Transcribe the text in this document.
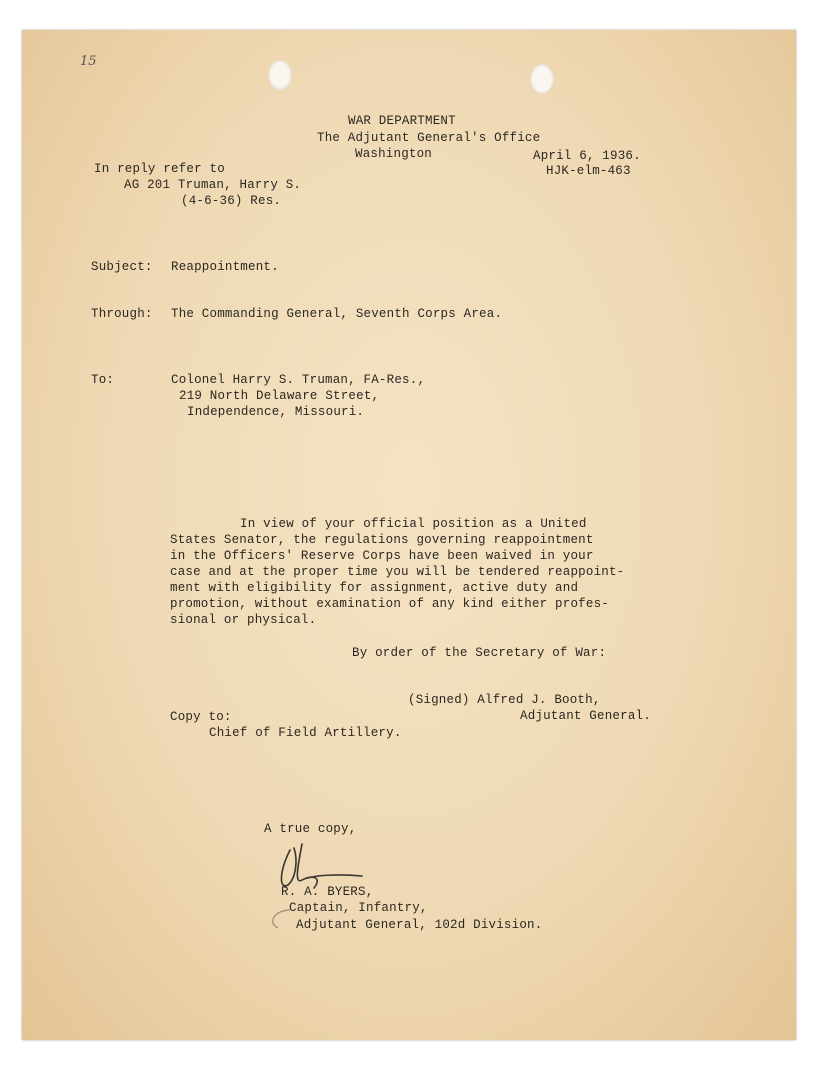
15
WAR DEPARTMENT
The Adjutant General's Office
Washington	April 6, 1936.
HJK-elm-463
In reply refer to
AG 201 Truman, Harry S.
(4-6-36) Res.
Subject: Reappointment.
Through: The Commanding General, Seventh Corps Area.
To:	Colonel Harry S. Truman, FA-Res.,
219 North Delaware Street,
Independence, Missouri.
In view of your official position as a United
States Senator, the regulations governing reappointment
in the Officers' Reserve Corps have been waived in your
case and at the proper time you will be tendered reappoint-
ment with eligibility for assignment, active duty and
promotion, without examination of any kind either profes-
sional or physical.
By order of the Secretary of War:
(Signed) Alfred J. Booth,
Adjutant General.
Copy to:
Chief of Field Artillery.
A true copy,
R. A. BYERS,
Captain, Infantry,
Adjutant General, 102d Division.
